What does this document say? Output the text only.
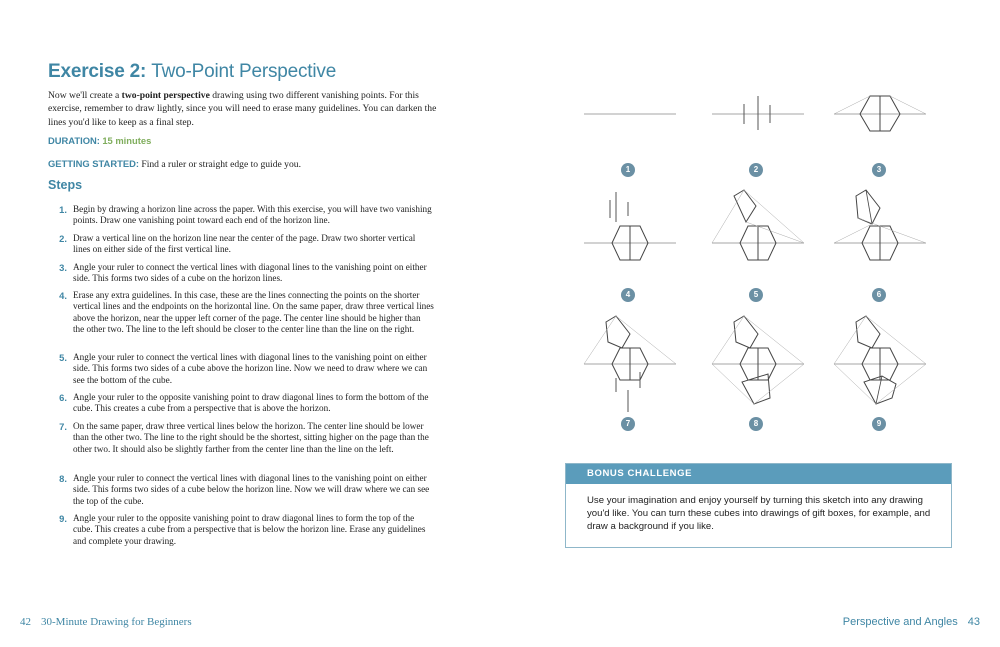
Exercise 2: Two-Point Perspective

Now we'll create a two-point perspective drawing using two different vanishing points. For this exercise, remember to draw lightly, since you will need to erase many guidelines. You can darken the lines you'd like to keep as a final step.

DURATION: 15 minutes

GETTING STARTED: Find a ruler or straight edge to guide you.

Steps
1. Begin by drawing a horizon line across the paper. With this exercise, you will have two vanishing points. Draw one vanishing point toward each end of the horizon line.
2. Draw a vertical line on the horizon line near the center of the page. Draw two shorter vertical lines on either side of the first vertical line.
3. Angle your ruler to connect the vertical lines with diagonal lines to the vanishing point on either side. This forms two sides of a cube on the horizon lines.
4. Erase any extra guidelines. In this case, these are the lines connecting the points on the shorter vertical lines and the endpoints on the horizontal line. On the same paper, draw three vertical lines above the horizon, near the upper left corner of the page. The center line should be higher than the other two. The line to the left should be closer to the center line than the line on the right.
5. Angle your ruler to connect the vertical lines with diagonal lines to the vanishing point on either side. This forms two sides of a cube above the horizon line. Now we need to draw where we can see the bottom of the cube.
6. Angle your ruler to the opposite vanishing point to draw diagonal lines to form the bottom of the cube. This creates a cube from a perspective that is above the horizon.
7. On the same paper, draw three vertical lines below the horizon. The center line should be lower than the other two. The line to the right should be the shortest, sitting higher on the page than the other two. It should also be slightly farther from the center line than the line on the left.
8. Angle your ruler to connect the vertical lines with diagonal lines to the vanishing point on either side. This forms two sides of a cube below the horizon line. Now we will draw where we can see the top of the cube.
9. Angle your ruler to the opposite vanishing point to draw diagonal lines to form the top of the cube. This creates a cube from a perspective that is below the horizon line. Erase any guidelines and complete your drawing.
1	2	3
4	5	6
7	8	9
BONUS CHALLENGE
Use your imagination and enjoy yourself by turning this sketch into any drawing you'd like. You can turn these cubes into drawings of gift boxes, for example, and draw a background if you like.
42 30-Minute Drawing for Beginners	Perspective and Angles 43
